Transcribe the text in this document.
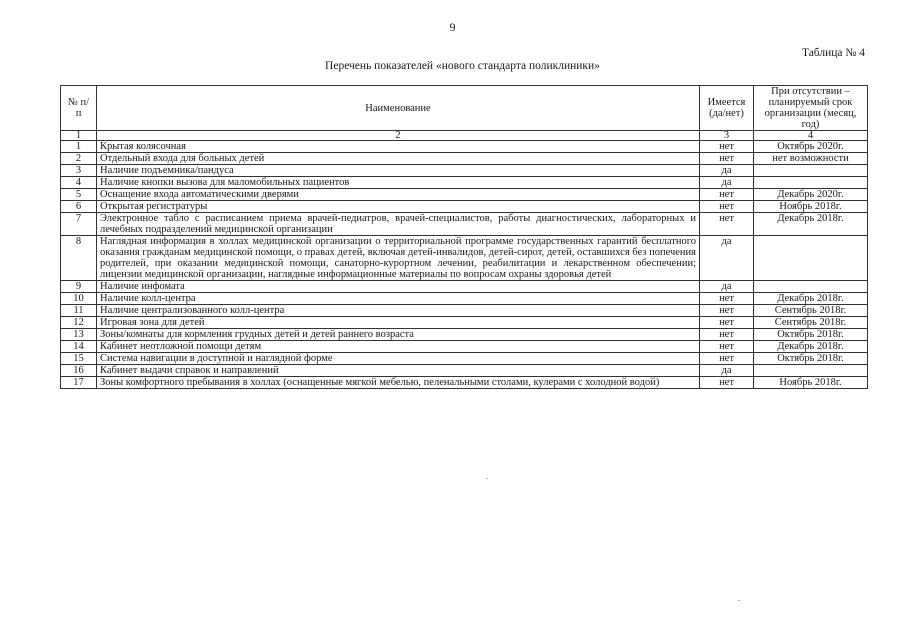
9
Таблица № 4
Перечень показателей «нового стандарта поликлиники»
№ п/ п	Наименование	Имеется (да/нет)	При отсутствии – планируемый срок организации (месяц, год)
1	2	3	4
1	Крытая колясочная	нет	Октябрь 2020г.
2	Отдельный входа для больных детей	нет	нет возможности
3	Наличие подъемника/пандуса	да	
4	Наличие кнопки вызова для маломобильных пациентов	да	
5	Оснащение входа автоматическими дверями	нет	Декабрь 2020г.
6	Открытая регистратуры	нет	Ноябрь 2018г.
7	Электронное табло с расписанием приема врачей-педиатров, врачей-специалистов, работы диагностических, лабораторных и лечебных подразделений медицинской организации	нет	Декабрь 2018г.
8	Наглядная информация в холлах медицинской организации о территориальной программе государственных гарантий бесплатного оказания гражданам медицинской помощи, о правах детей, включая детей-инвалидов, детей-сирот, детей, оставшихся без попечения родителей, при оказании медицинской помощи, санаторно-курортном лечении, реабилитации и лекарственном обеспечении; лицензии медицинской организации, наглядные информационные материалы по вопросам охраны здоровья детей	да	
9	Наличие инфомата	да	
10	Наличие колл-центра	нет	Декабрь 2018г.
11	Наличие централизованного колл-центра	нет	Сентябрь 2018г.
12	Игровая зона для детей	нет	Сентябрь 2018г.
13	Зоны/комнаты для кормления грудных детей и детей раннего возраста	нет	Октябрь 2018г.
14	Кабинет неотложной помощи детям	нет	Декабрь 2018г.
15	Система навигации в доступной и наглядной форме	нет	Октябрь 2018г.
16	Кабинет выдачи справок и направлений	да	
17	Зоны комфортного пребывания в холлах (оснащенные мягкой мебелью, пеленальными столами, кулерами с холодной водой)	нет	Ноябрь 2018г.
